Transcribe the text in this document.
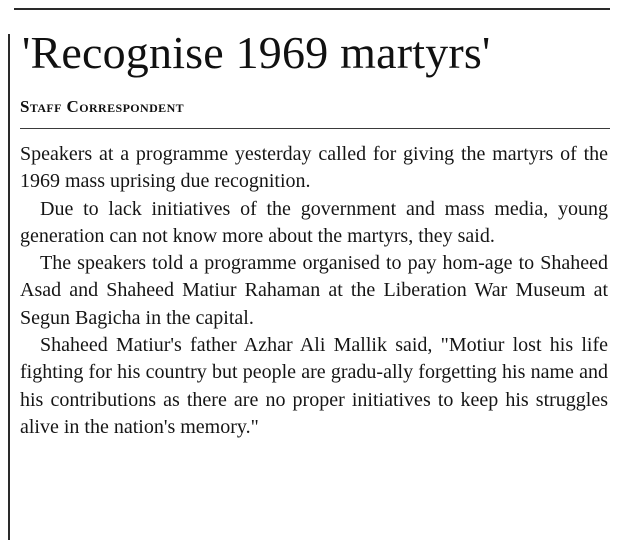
'Recognise 1969 martyrs'
Staff Correspondent

Speakers at a programme yesterday called for giving the martyrs of the 1969 mass uprising due recognition.

Due to lack initiatives of the government and mass media, young generation can not know more about the martyrs, they said.

The speakers told a programme organised to pay hom-age to Shaheed Asad and Shaheed Matiur Rahaman at the Liberation War Museum at Segun Bagicha in the capital.

Shaheed Matiur's father Azhar Ali Mallik said, "Motiur lost his life fighting for his country but people are gradu-ally forgetting his name and his contributions as there are no proper initiatives to keep his struggles alive in the nation's memory."
